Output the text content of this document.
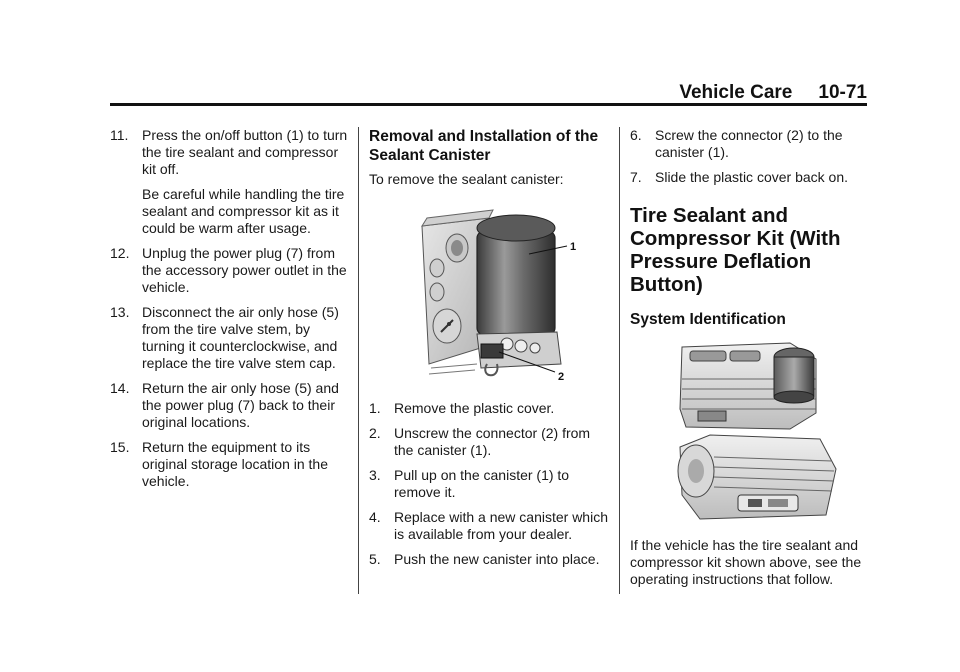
Vehicle Care 10-71
11. Press the on/off button (1) to turn the tire sealant and compressor kit off.
Be careful while handling the tire sealant and compressor kit as it could be warm after usage.
12. Unplug the power plug (7) from the accessory power outlet in the vehicle.
13. Disconnect the air only hose (5) from the tire valve stem, by turning it counterclockwise, and replace the tire valve stem cap.
14. Return the air only hose (5) and the power plug (7) back to their original locations.
15. Return the equipment to its original storage location in the vehicle.
Removal and Installation of the Sealant Canister

To remove the sealant canister:

1
2
1. Remove the plastic cover.
2. Unscrew the connector (2) from the canister (1).
3. Pull up on the canister (1) to remove it.
4. Replace with a new canister which is available from your dealer.
5. Push the new canister into place.
6. Screw the connector (2) to the canister (1).
7. Slide the plastic cover back on.
Tire Sealant and Compressor Kit (With Pressure Deflation Button)
System Identification

If the vehicle has the tire sealant and compressor kit shown above, see the operating instructions that follow.
